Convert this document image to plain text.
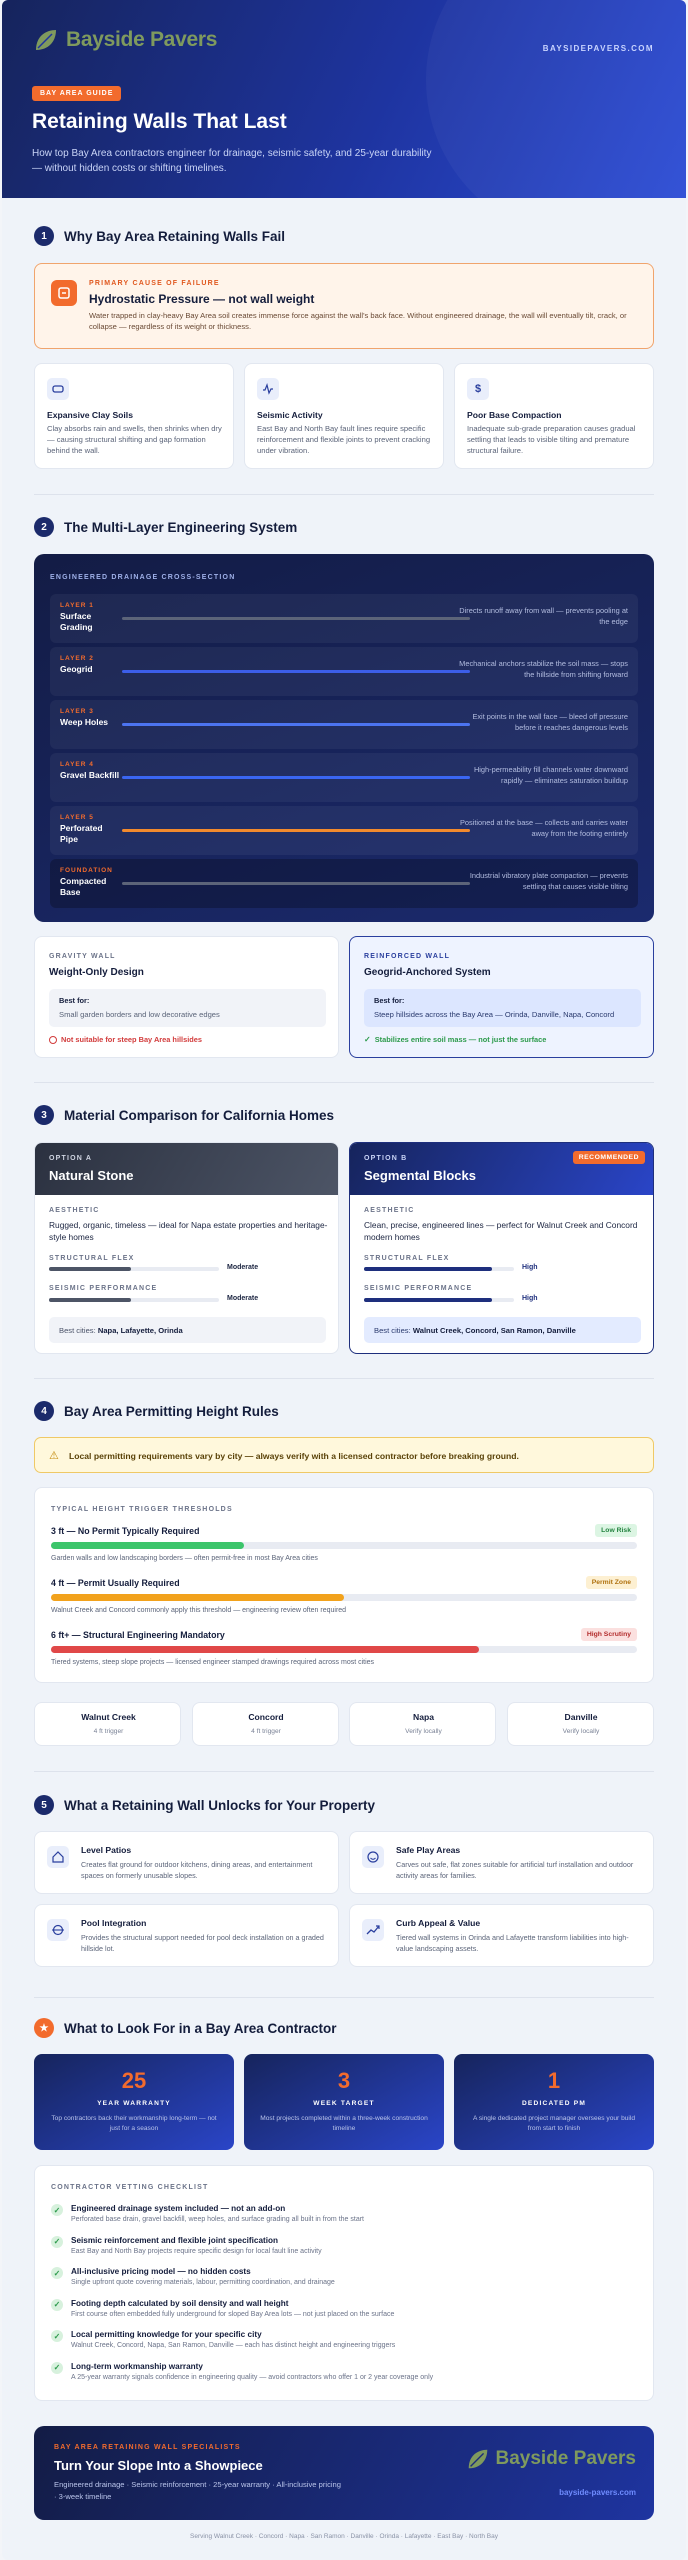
Bayside Pavers	BAYSIDEPAVERS.COM
BAY AREA GUIDE
Retaining Walls That Last
How top Bay Area contractors engineer for drainage, seismic safety, and 25-year durability — without hidden costs or shifting timelines.
1	Why Bay Area Retaining Walls Fail
PRIMARY CAUSE OF FAILURE
Hydrostatic Pressure — not wall weight
Water trapped in clay-heavy Bay Area soil creates immense force against the wall's back face. Without engineered drainage, the wall will eventually tilt, crack, or collapse — regardless of its weight or thickness.
Expansive Clay Soils
Clay absorbs rain and swells, then shrinks when dry — causing structural shifting and gap formation behind the wall.
Seismic Activity
East Bay and North Bay fault lines require specific reinforcement and flexible joints to prevent cracking under vibration.
$
Poor Base Compaction
Inadequate sub-grade preparation causes gradual settling that leads to visible tilting and premature structural failure.
2	The Multi-Layer Engineering System
ENGINEERED DRAINAGE CROSS-SECTION
LAYER 1
Surface Grading
Directs runoff away from wall — prevents pooling at the edge
LAYER 2
Geogrid
Mechanical anchors stabilize the soil mass — stops the hillside from shifting forward
LAYER 3
Weep Holes
Exit points in the wall face — bleed off pressure before it reaches dangerous levels
LAYER 4
Gravel Backfill
High-permeability fill channels water downward rapidly — eliminates saturation buildup
LAYER 5
Perforated Pipe
Positioned at the base — collects and carries water away from the footing entirely
FOUNDATION
Compacted Base
Industrial vibratory plate compaction — prevents settling that causes visible tilting
GRAVITY WALL
Weight-Only Design
Best for:
Small garden borders and low decorative edges
Not suitable for steep Bay Area hillsides
REINFORCED WALL
Geogrid-Anchored System
Best for:
Steep hillsides across the Bay Area — Orinda, Danville, Napa, Concord
✓ Stabilizes entire soil mass — not just the surface
3	Material Comparison for California Homes
OPTION A
Natural Stone
AESTHETIC
Rugged, organic, timeless — ideal for Napa estate properties and heritage-style homes
STRUCTURAL FLEX
Moderate
SEISMIC PERFORMANCE
Moderate
Best cities: Napa, Lafayette, Orinda
OPTION B	RECOMMENDED
Segmental Blocks
AESTHETIC
Clean, precise, engineered lines — perfect for Walnut Creek and Concord modern homes
STRUCTURAL FLEX
High
SEISMIC PERFORMANCE
High
Best cities: Walnut Creek, Concord, San Ramon, Danville
4	Bay Area Permitting Height Rules
⚠ Local permitting requirements vary by city — always verify with a licensed contractor before breaking ground.
TYPICAL HEIGHT TRIGGER THRESHOLDS
3 ft — No Permit Typically Required	Low Risk
Garden walls and low landscaping borders — often permit-free in most Bay Area cities
4 ft — Permit Usually Required	Permit Zone
Walnut Creek and Concord commonly apply this threshold — engineering review often required
6 ft+ — Structural Engineering Mandatory	High Scrutiny
Tiered systems, steep slope projects — licensed engineer stamped drawings required across most cities
Walnut Creek
4 ft trigger
Concord
4 ft trigger
Napa
Verify locally
Danville
Verify locally
5	What a Retaining Wall Unlocks for Your Property
Level Patios
Creates flat ground for outdoor kitchens, dining areas, and entertainment spaces on formerly unusable slopes.
Safe Play Areas
Carves out safe, flat zones suitable for artificial turf installation and outdoor activity areas for families.
Pool Integration
Provides the structural support needed for pool deck installation on a graded hillside lot.
Curb Appeal & Value
Tiered wall systems in Orinda and Lafayette transform liabilities into high-value landscaping assets.
★	What to Look For in a Bay Area Contractor
25
YEAR WARRANTY
Top contractors back their workmanship long-term — not just for a season
3
WEEK TARGET
Most projects completed within a three-week construction timeline
1
DEDICATED PM
A single dedicated project manager oversees your build from start to finish
CONTRACTOR VETTING CHECKLIST
✓	Engineered drainage system included — not an add-on
Perforated base drain, gravel backfill, weep holes, and surface grading all built in from the start
✓	Seismic reinforcement and flexible joint specification
East Bay and North Bay projects require specific design for local fault line activity
✓	All-inclusive pricing model — no hidden costs
Single upfront quote covering materials, labour, permitting coordination, and drainage
✓	Footing depth calculated by soil density and wall height
First course often embedded fully underground for sloped Bay Area lots — not just placed on the surface
✓	Local permitting knowledge for your specific city
Walnut Creek, Concord, Napa, San Ramon, Danville — each has distinct height and engineering triggers
✓	Long-term workmanship warranty
A 25-year warranty signals confidence in engineering quality — avoid contractors who offer 1 or 2 year coverage only
BAY AREA RETAINING WALL SPECIALISTS
Turn Your Slope Into a Showpiece
Engineered drainage · Seismic reinforcement · 25-year warranty · All-inclusive pricing · 3-week timeline
Bayside Pavers
bayside-pavers.com
Serving Walnut Creek · Concord · Napa · San Ramon · Danville · Orinda · Lafayette · East Bay · North Bay
